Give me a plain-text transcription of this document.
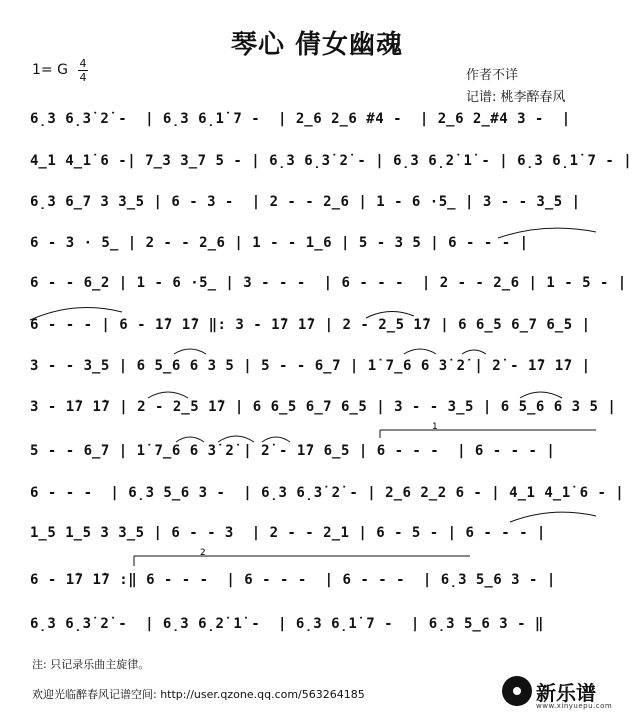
琴心 倩女幽魂
1= G 4
4	作者不详
记谱: 桃李醉春风
6̣3 6̣3̇ 2̇ -  | 6̣3 6̣1̇ 7 -  | 2̲6 2̲6 #4 -  | 2̲6 2̲#4 3 -  |
4̲1 4̲1̇ 6 -| 7̲3 3̲7 5 - | 6̣3 6̣3̇ 2̇ - | 6̣3 6̣2̇ 1̇ - | 6̣3 6̣1̇ 7 - |
6̣3 6̲7 3 3̲5 | 6 - 3 -  | 2 - - 2̲6 | 1 - 6 ·5̲ | 3 - - 3̲5 |
6 - 3 · 5̲ | 2 - - 2̲6 | 1 - - 1̲6 | 5 - 3 5 | 6 - - - |
6 - - 6̲2 | 1 - 6 ·5̲ | 3 - - -  | 6 - - -  | 2 - - 2̲6 | 1 - 5 - |
6 - - - | 6 - 1̇7 1̇7 ‖: 3 - 1̇7 1̇7 | 2 - 2̲5 1̇7 | 6 6̲5 6̲7 6̲5 |
3 - - 3̲5 | 6 5̲6 6 3 5 | 5 - - 6̲7 | 1̇ 7̲6 6 3̇ 2̇ | 2̇ - 1̇7 1̇7 |
3 - 1̇7 1̇7 | 2 - 2̲5 1̇7 | 6 6̲5 6̲7 6̲5 | 3 - - 3̲5 | 6 5̲6 6 3 5 |
5 - - 6̲7 | 1̇ 7̲6 6 3̇ 2̇ | 2̇ - 1̇7 6̲5 | 6 - - -  | 6 - - - |
6 - - -  | 6̣3 5̲6 3 -  | 6̣3 6̣3̇ 2̇ - | 2̲6 2̲2 6 - | 4̲1 4̲1̇ 6 - |
1̲5 1̲5 3 3̲5 | 6 - - 3  | 2 - - 2̲1 | 6 - 5 - | 6 - - - |
6 - 1̇7 1̇7 :‖ 6 - - -  | 6 - - -  | 6 - - -  | 6̣3 5̲6 3 - |
6̣3 6̣3̇ 2̇ -  | 6̣3 6̣2̇ 1̇ -  | 6̣3 6̣1̇ 7 -  | 6̣3 5̲6 3 - ‖
1
2
注: 只记录乐曲主旋律。
欢迎光临醉春风记谱空间: http://user.qzone.qq.com/563264185	新乐谱
www.xinyuepu.com
